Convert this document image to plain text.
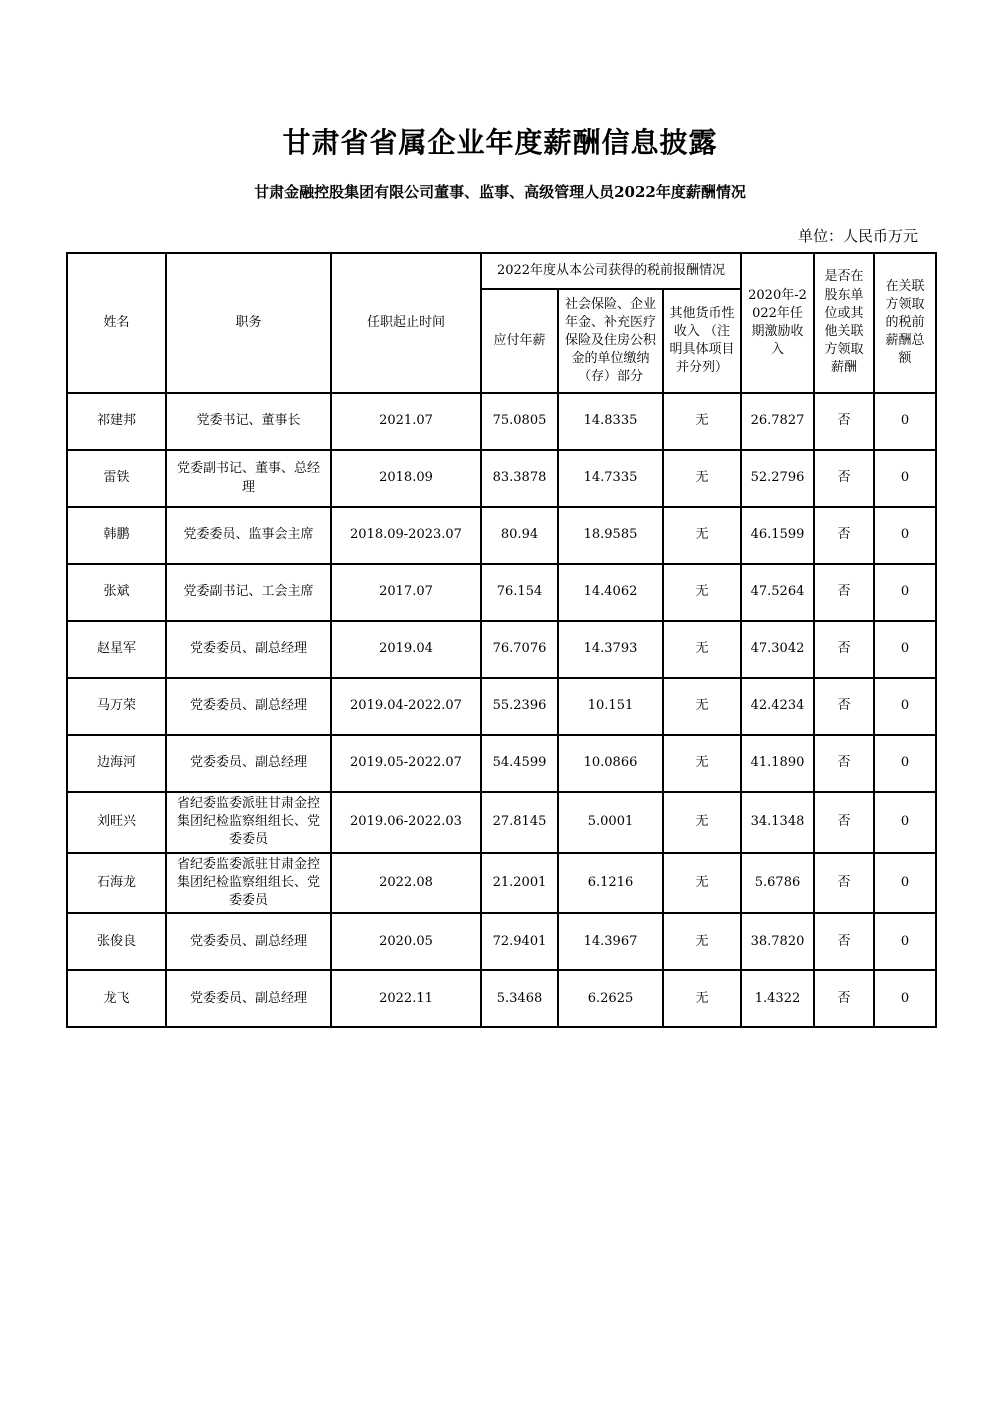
甘肃省省属企业年度薪酬信息披露
甘肃金融控股集团有限公司董事、监事、高级管理人员2022年度薪酬情况
单位：人民币万元
姓名	职务	任职起止时间	2022年度从本公司获得的税前报酬情况			2020年-2022年任期激励收入	是否在股东单位或其他关联方领取薪酬	在关联方领取的税前薪酬总额
			应付年薪	社会保险、企业年金、补充医疗保险及住房公积金的单位缴纳（存）部分	其他货币性收入 （注明具体项目并分列）			
祁建邦	党委书记、董事长	2021.07	75.0805	14.8335	无	26.7827	否	0
雷铁	党委副书记、董事、总经理	2018.09	83.3878	14.7335	无	52.2796	否	0
韩鹏	党委委员、监事会主席	2018.09-2023.07	80.94	18.9585	无	46.1599	否	0
张斌	党委副书记、工会主席	2017.07	76.154	14.4062	无	47.5264	否	0
赵星军	党委委员、副总经理	2019.04	76.7076	14.3793	无	47.3042	否	0
马万荣	党委委员、副总经理	2019.04-2022.07	55.2396	10.151	无	42.4234	否	0
边海河	党委委员、副总经理	2019.05-2022.07	54.4599	10.0866	无	41.1890	否	0
刘旺兴	省纪委监委派驻甘肃金控集团纪检监察组组长、党委委员	2019.06-2022.03	27.8145	5.0001	无	34.1348	否	0
石海龙	省纪委监委派驻甘肃金控集团纪检监察组组长、党委委员	2022.08	21.2001	6.1216	无	5.6786	否	0
张俊良	党委委员、副总经理	2020.05	72.9401	14.3967	无	38.7820	否	0
龙飞	党委委员、副总经理	2022.11	5.3468	6.2625	无	1.4322	否	0
